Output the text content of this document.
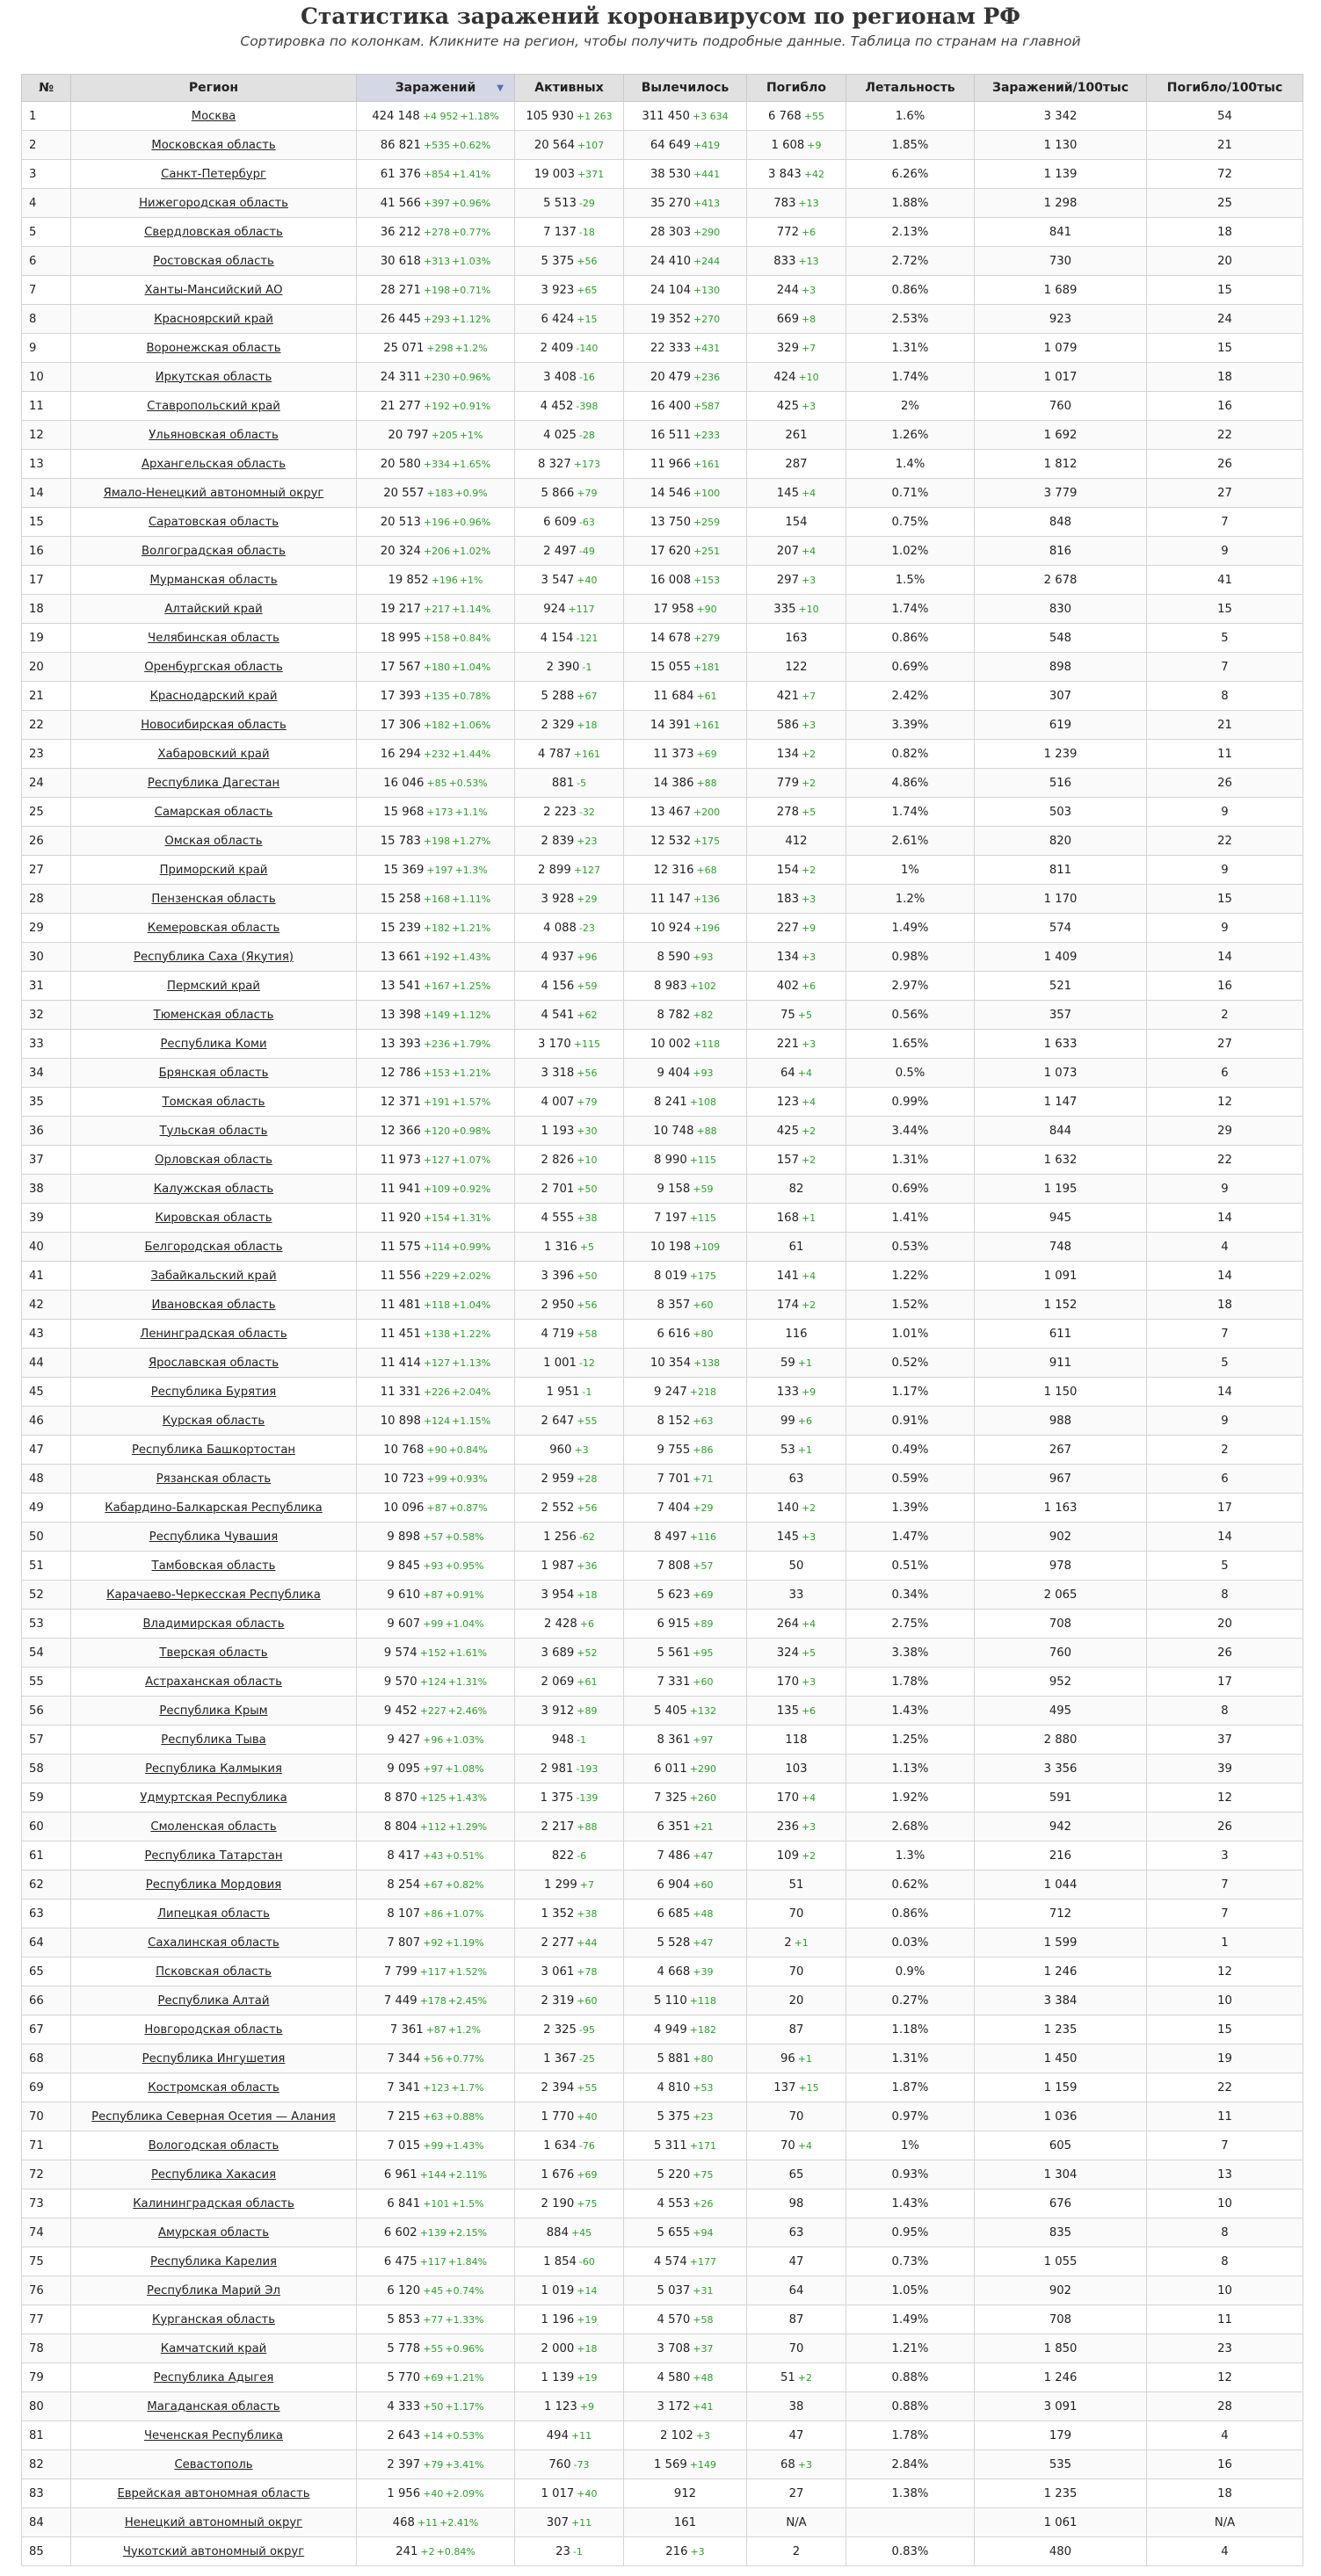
Статистика заражений коронавирусом по регионам РФ
Сортировка по колонкам. Кликните на регион, чтобы получить подробные данные. Таблица по странам на главной
№	Регион	Заражений ▼	Активных	Вылечилось	Погибло	Летальность	Заражений/100тыс	Погибло/100тыс
1	Москва	424 148 +4 952 +1.18%	105 930 +1 263	311 450 +3 634	6 768 +55	1.6%	3 342	54
2	Московская область	86 821 +535 +0.62%	20 564 +107	64 649 +419	1 608 +9	1.85%	1 130	21
3	Санкт-Петербург	61 376 +854 +1.41%	19 003 +371	38 530 +441	3 843 +42	6.26%	1 139	72
4	Нижегородская область	41 566 +397 +0.96%	5 513 -29	35 270 +413	783 +13	1.88%	1 298	25
5	Свердловская область	36 212 +278 +0.77%	7 137 -18	28 303 +290	772 +6	2.13%	841	18
6	Ростовская область	30 618 +313 +1.03%	5 375 +56	24 410 +244	833 +13	2.72%	730	20
7	Ханты-Мансийский АО	28 271 +198 +0.71%	3 923 +65	24 104 +130	244 +3	0.86%	1 689	15
8	Красноярский край	26 445 +293 +1.12%	6 424 +15	19 352 +270	669 +8	2.53%	923	24
9	Воронежская область	25 071 +298 +1.2%	2 409 -140	22 333 +431	329 +7	1.31%	1 079	15
10	Иркутская область	24 311 +230 +0.96%	3 408 -16	20 479 +236	424 +10	1.74%	1 017	18
11	Ставропольский край	21 277 +192 +0.91%	4 452 -398	16 400 +587	425 +3	2%	760	16
12	Ульяновская область	20 797 +205 +1%	4 025 -28	16 511 +233	261	1.26%	1 692	22
13	Архангельская область	20 580 +334 +1.65%	8 327 +173	11 966 +161	287	1.4%	1 812	26
14	Ямало-Ненецкий автономный округ	20 557 +183 +0.9%	5 866 +79	14 546 +100	145 +4	0.71%	3 779	27
15	Саратовская область	20 513 +196 +0.96%	6 609 -63	13 750 +259	154	0.75%	848	7
16	Волгоградская область	20 324 +206 +1.02%	2 497 -49	17 620 +251	207 +4	1.02%	816	9
17	Мурманская область	19 852 +196 +1%	3 547 +40	16 008 +153	297 +3	1.5%	2 678	41
18	Алтайский край	19 217 +217 +1.14%	924 +117	17 958 +90	335 +10	1.74%	830	15
19	Челябинская область	18 995 +158 +0.84%	4 154 -121	14 678 +279	163	0.86%	548	5
20	Оренбургская область	17 567 +180 +1.04%	2 390 -1	15 055 +181	122	0.69%	898	7
21	Краснодарский край	17 393 +135 +0.78%	5 288 +67	11 684 +61	421 +7	2.42%	307	8
22	Новосибирская область	17 306 +182 +1.06%	2 329 +18	14 391 +161	586 +3	3.39%	619	21
23	Хабаровский край	16 294 +232 +1.44%	4 787 +161	11 373 +69	134 +2	0.82%	1 239	11
24	Республика Дагестан	16 046 +85 +0.53%	881 -5	14 386 +88	779 +2	4.86%	516	26
25	Самарская область	15 968 +173 +1.1%	2 223 -32	13 467 +200	278 +5	1.74%	503	9
26	Омская область	15 783 +198 +1.27%	2 839 +23	12 532 +175	412	2.61%	820	22
27	Приморский край	15 369 +197 +1.3%	2 899 +127	12 316 +68	154 +2	1%	811	9
28	Пензенская область	15 258 +168 +1.11%	3 928 +29	11 147 +136	183 +3	1.2%	1 170	15
29	Кемеровская область	15 239 +182 +1.21%	4 088 -23	10 924 +196	227 +9	1.49%	574	9
30	Республика Саха (Якутия)	13 661 +192 +1.43%	4 937 +96	8 590 +93	134 +3	0.98%	1 409	14
31	Пермский край	13 541 +167 +1.25%	4 156 +59	8 983 +102	402 +6	2.97%	521	16
32	Тюменская область	13 398 +149 +1.12%	4 541 +62	8 782 +82	75 +5	0.56%	357	2
33	Республика Коми	13 393 +236 +1.79%	3 170 +115	10 002 +118	221 +3	1.65%	1 633	27
34	Брянская область	12 786 +153 +1.21%	3 318 +56	9 404 +93	64 +4	0.5%	1 073	6
35	Томская область	12 371 +191 +1.57%	4 007 +79	8 241 +108	123 +4	0.99%	1 147	12
36	Тульская область	12 366 +120 +0.98%	1 193 +30	10 748 +88	425 +2	3.44%	844	29
37	Орловская область	11 973 +127 +1.07%	2 826 +10	8 990 +115	157 +2	1.31%	1 632	22
38	Калужская область	11 941 +109 +0.92%	2 701 +50	9 158 +59	82	0.69%	1 195	9
39	Кировская область	11 920 +154 +1.31%	4 555 +38	7 197 +115	168 +1	1.41%	945	14
40	Белгородская область	11 575 +114 +0.99%	1 316 +5	10 198 +109	61	0.53%	748	4
41	Забайкальский край	11 556 +229 +2.02%	3 396 +50	8 019 +175	141 +4	1.22%	1 091	14
42	Ивановская область	11 481 +118 +1.04%	2 950 +56	8 357 +60	174 +2	1.52%	1 152	18
43	Ленинградская область	11 451 +138 +1.22%	4 719 +58	6 616 +80	116	1.01%	611	7
44	Ярославская область	11 414 +127 +1.13%	1 001 -12	10 354 +138	59 +1	0.52%	911	5
45	Республика Бурятия	11 331 +226 +2.04%	1 951 -1	9 247 +218	133 +9	1.17%	1 150	14
46	Курская область	10 898 +124 +1.15%	2 647 +55	8 152 +63	99 +6	0.91%	988	9
47	Республика Башкортостан	10 768 +90 +0.84%	960 +3	9 755 +86	53 +1	0.49%	267	2
48	Рязанская область	10 723 +99 +0.93%	2 959 +28	7 701 +71	63	0.59%	967	6
49	Кабардино-Балкарская Республика	10 096 +87 +0.87%	2 552 +56	7 404 +29	140 +2	1.39%	1 163	17
50	Республика Чувашия	9 898 +57 +0.58%	1 256 -62	8 497 +116	145 +3	1.47%	902	14
51	Тамбовская область	9 845 +93 +0.95%	1 987 +36	7 808 +57	50	0.51%	978	5
52	Карачаево-Черкесская Республика	9 610 +87 +0.91%	3 954 +18	5 623 +69	33	0.34%	2 065	8
53	Владимирская область	9 607 +99 +1.04%	2 428 +6	6 915 +89	264 +4	2.75%	708	20
54	Тверская область	9 574 +152 +1.61%	3 689 +52	5 561 +95	324 +5	3.38%	760	26
55	Астраханская область	9 570 +124 +1.31%	2 069 +61	7 331 +60	170 +3	1.78%	952	17
56	Республика Крым	9 452 +227 +2.46%	3 912 +89	5 405 +132	135 +6	1.43%	495	8
57	Республика Тыва	9 427 +96 +1.03%	948 -1	8 361 +97	118	1.25%	2 880	37
58	Республика Калмыкия	9 095 +97 +1.08%	2 981 -193	6 011 +290	103	1.13%	3 356	39
59	Удмуртская Республика	8 870 +125 +1.43%	1 375 -139	7 325 +260	170 +4	1.92%	591	12
60	Смоленская область	8 804 +112 +1.29%	2 217 +88	6 351 +21	236 +3	2.68%	942	26
61	Республика Татарстан	8 417 +43 +0.51%	822 -6	7 486 +47	109 +2	1.3%	216	3
62	Республика Мордовия	8 254 +67 +0.82%	1 299 +7	6 904 +60	51	0.62%	1 044	7
63	Липецкая область	8 107 +86 +1.07%	1 352 +38	6 685 +48	70	0.86%	712	7
64	Сахалинская область	7 807 +92 +1.19%	2 277 +44	5 528 +47	2 +1	0.03%	1 599	1
65	Псковская область	7 799 +117 +1.52%	3 061 +78	4 668 +39	70	0.9%	1 246	12
66	Республика Алтай	7 449 +178 +2.45%	2 319 +60	5 110 +118	20	0.27%	3 384	10
67	Новгородская область	7 361 +87 +1.2%	2 325 -95	4 949 +182	87	1.18%	1 235	15
68	Республика Ингушетия	7 344 +56 +0.77%	1 367 -25	5 881 +80	96 +1	1.31%	1 450	19
69	Костромская область	7 341 +123 +1.7%	2 394 +55	4 810 +53	137 +15	1.87%	1 159	22
70	Республика Северная Осетия — Алания	7 215 +63 +0.88%	1 770 +40	5 375 +23	70	0.97%	1 036	11
71	Вологодская область	7 015 +99 +1.43%	1 634 -76	5 311 +171	70 +4	1%	605	7
72	Республика Хакасия	6 961 +144 +2.11%	1 676 +69	5 220 +75	65	0.93%	1 304	13
73	Калининградская область	6 841 +101 +1.5%	2 190 +75	4 553 +26	98	1.43%	676	10
74	Амурская область	6 602 +139 +2.15%	884 +45	5 655 +94	63	0.95%	835	8
75	Республика Карелия	6 475 +117 +1.84%	1 854 -60	4 574 +177	47	0.73%	1 055	8
76	Республика Марий Эл	6 120 +45 +0.74%	1 019 +14	5 037 +31	64	1.05%	902	10
77	Курганская область	5 853 +77 +1.33%	1 196 +19	4 570 +58	87	1.49%	708	11
78	Камчатский край	5 778 +55 +0.96%	2 000 +18	3 708 +37	70	1.21%	1 850	23
79	Республика Адыгея	5 770 +69 +1.21%	1 139 +19	4 580 +48	51 +2	0.88%	1 246	12
80	Магаданская область	4 333 +50 +1.17%	1 123 +9	3 172 +41	38	0.88%	3 091	28
81	Чеченская Республика	2 643 +14 +0.53%	494 +11	2 102 +3	47	1.78%	179	4
82	Севастополь	2 397 +79 +3.41%	760 -73	1 569 +149	68 +3	2.84%	535	16
83	Еврейская автономная область	1 956 +40 +2.09%	1 017 +40	912	27	1.38%	1 235	18
84	Ненецкий автономный округ	468 +11 +2.41%	307 +11	161	N/A		1 061	N/A
85	Чукотский автономный округ	241 +2 +0.84%	23 -1	216 +3	2	0.83%	480	4
